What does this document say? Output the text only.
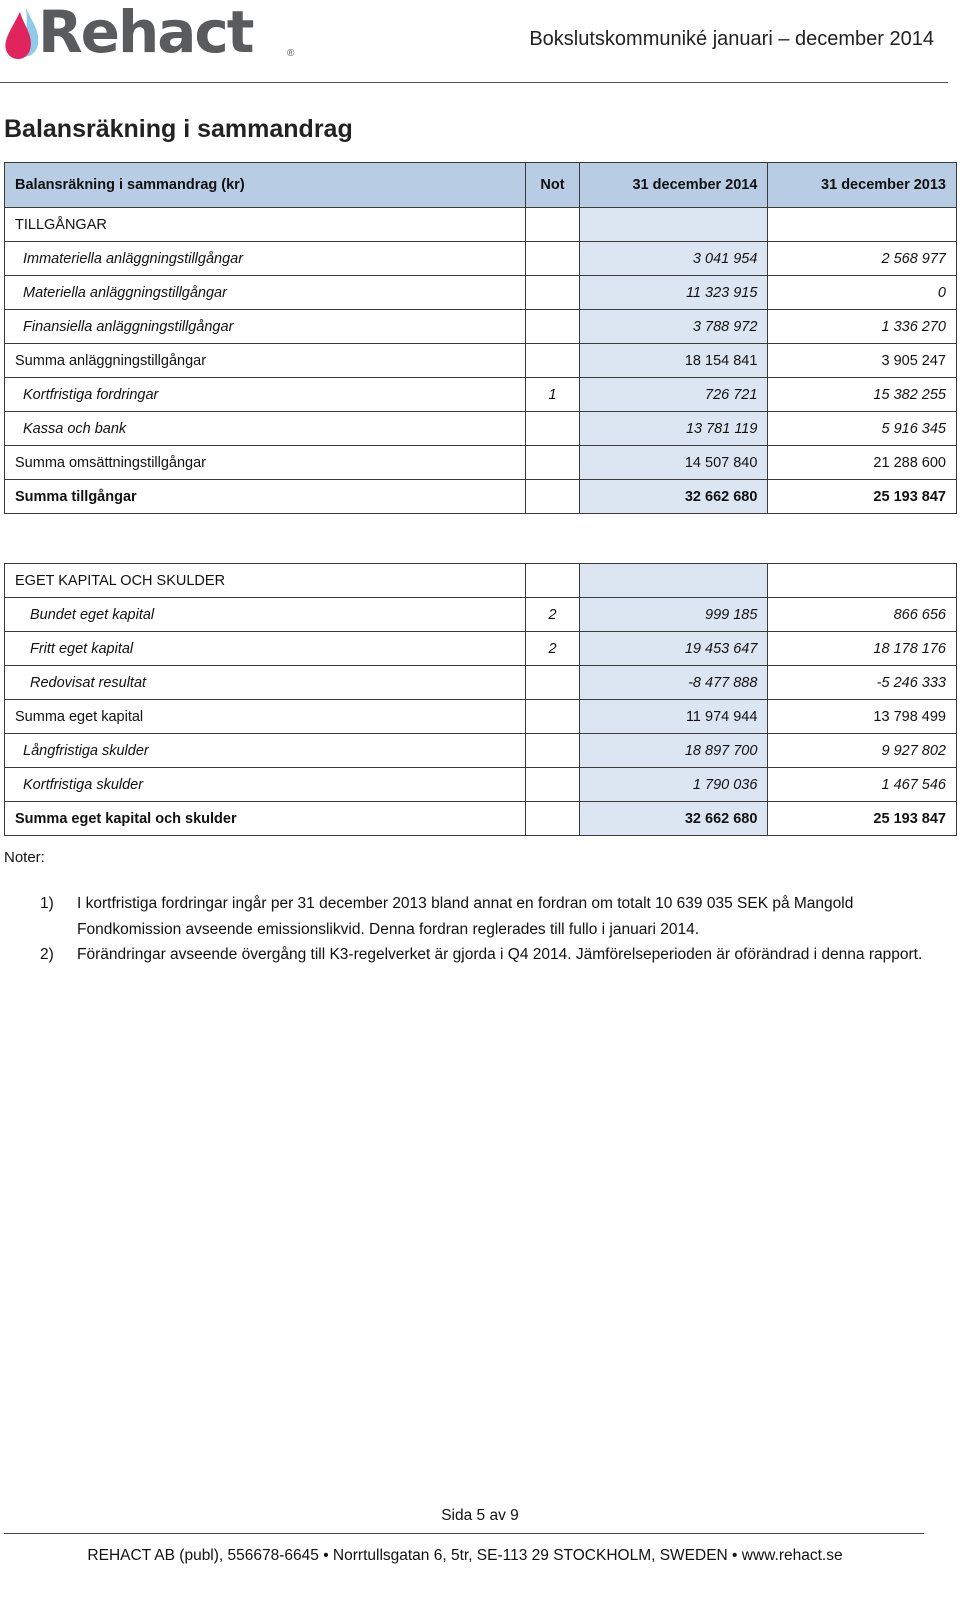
Rehact	®
Bokslutskommuniké januari – december 2014
Balansräkning i sammandrag
Balansräkning i sammandrag (kr)	Not	31 december 2014	31 december 2013
TILLGÅNGAR			
Immateriella anläggningstillgångar		3 041 954	2 568 977
Materiella anläggningstillgångar		11 323 915	0
Finansiella anläggningstillgångar		3 788 972	1 336 270
Summa anläggningstillgångar		18 154 841	3 905 247
Kortfristiga fordringar	1	726 721	15 382 255
Kassa och bank		13 781 119	5 916 345
Summa omsättningstillgångar		14 507 840	21 288 600
Summa tillgångar		32 662 680	25 193 847
EGET KAPITAL OCH SKULDER			
Bundet eget kapital	2	999 185	866 656
Fritt eget kapital	2	19 453 647	18 178 176
Redovisat resultat		-8 477 888	-5 246 333
Summa eget kapital		11 974 944	13 798 499
Långfristiga skulder		18 897 700	9 927 802
Kortfristiga skulder		1 790 036	1 467 546
Summa eget kapital och skulder		32 662 680	25 193 847
Noter:
1)	I kortfristiga fordringar ingår per 31 december 2013 bland annat en fordran om totalt 10 639 035 SEK på Mangold Fondkomission avseende emissionslikvid. Denna fordran reglerades till fullo i januari 2014.
2)	Förändringar avseende övergång till K3-regelverket är gjorda i Q4 2014. Jämförelseperioden är oförändrad i denna rapport.
Sida 5 av 9
REHACT AB (publ), 556678-6645 • Norrtullsgatan 6, 5tr, SE-113 29 STOCKHOLM, SWEDEN • www.rehact.se
